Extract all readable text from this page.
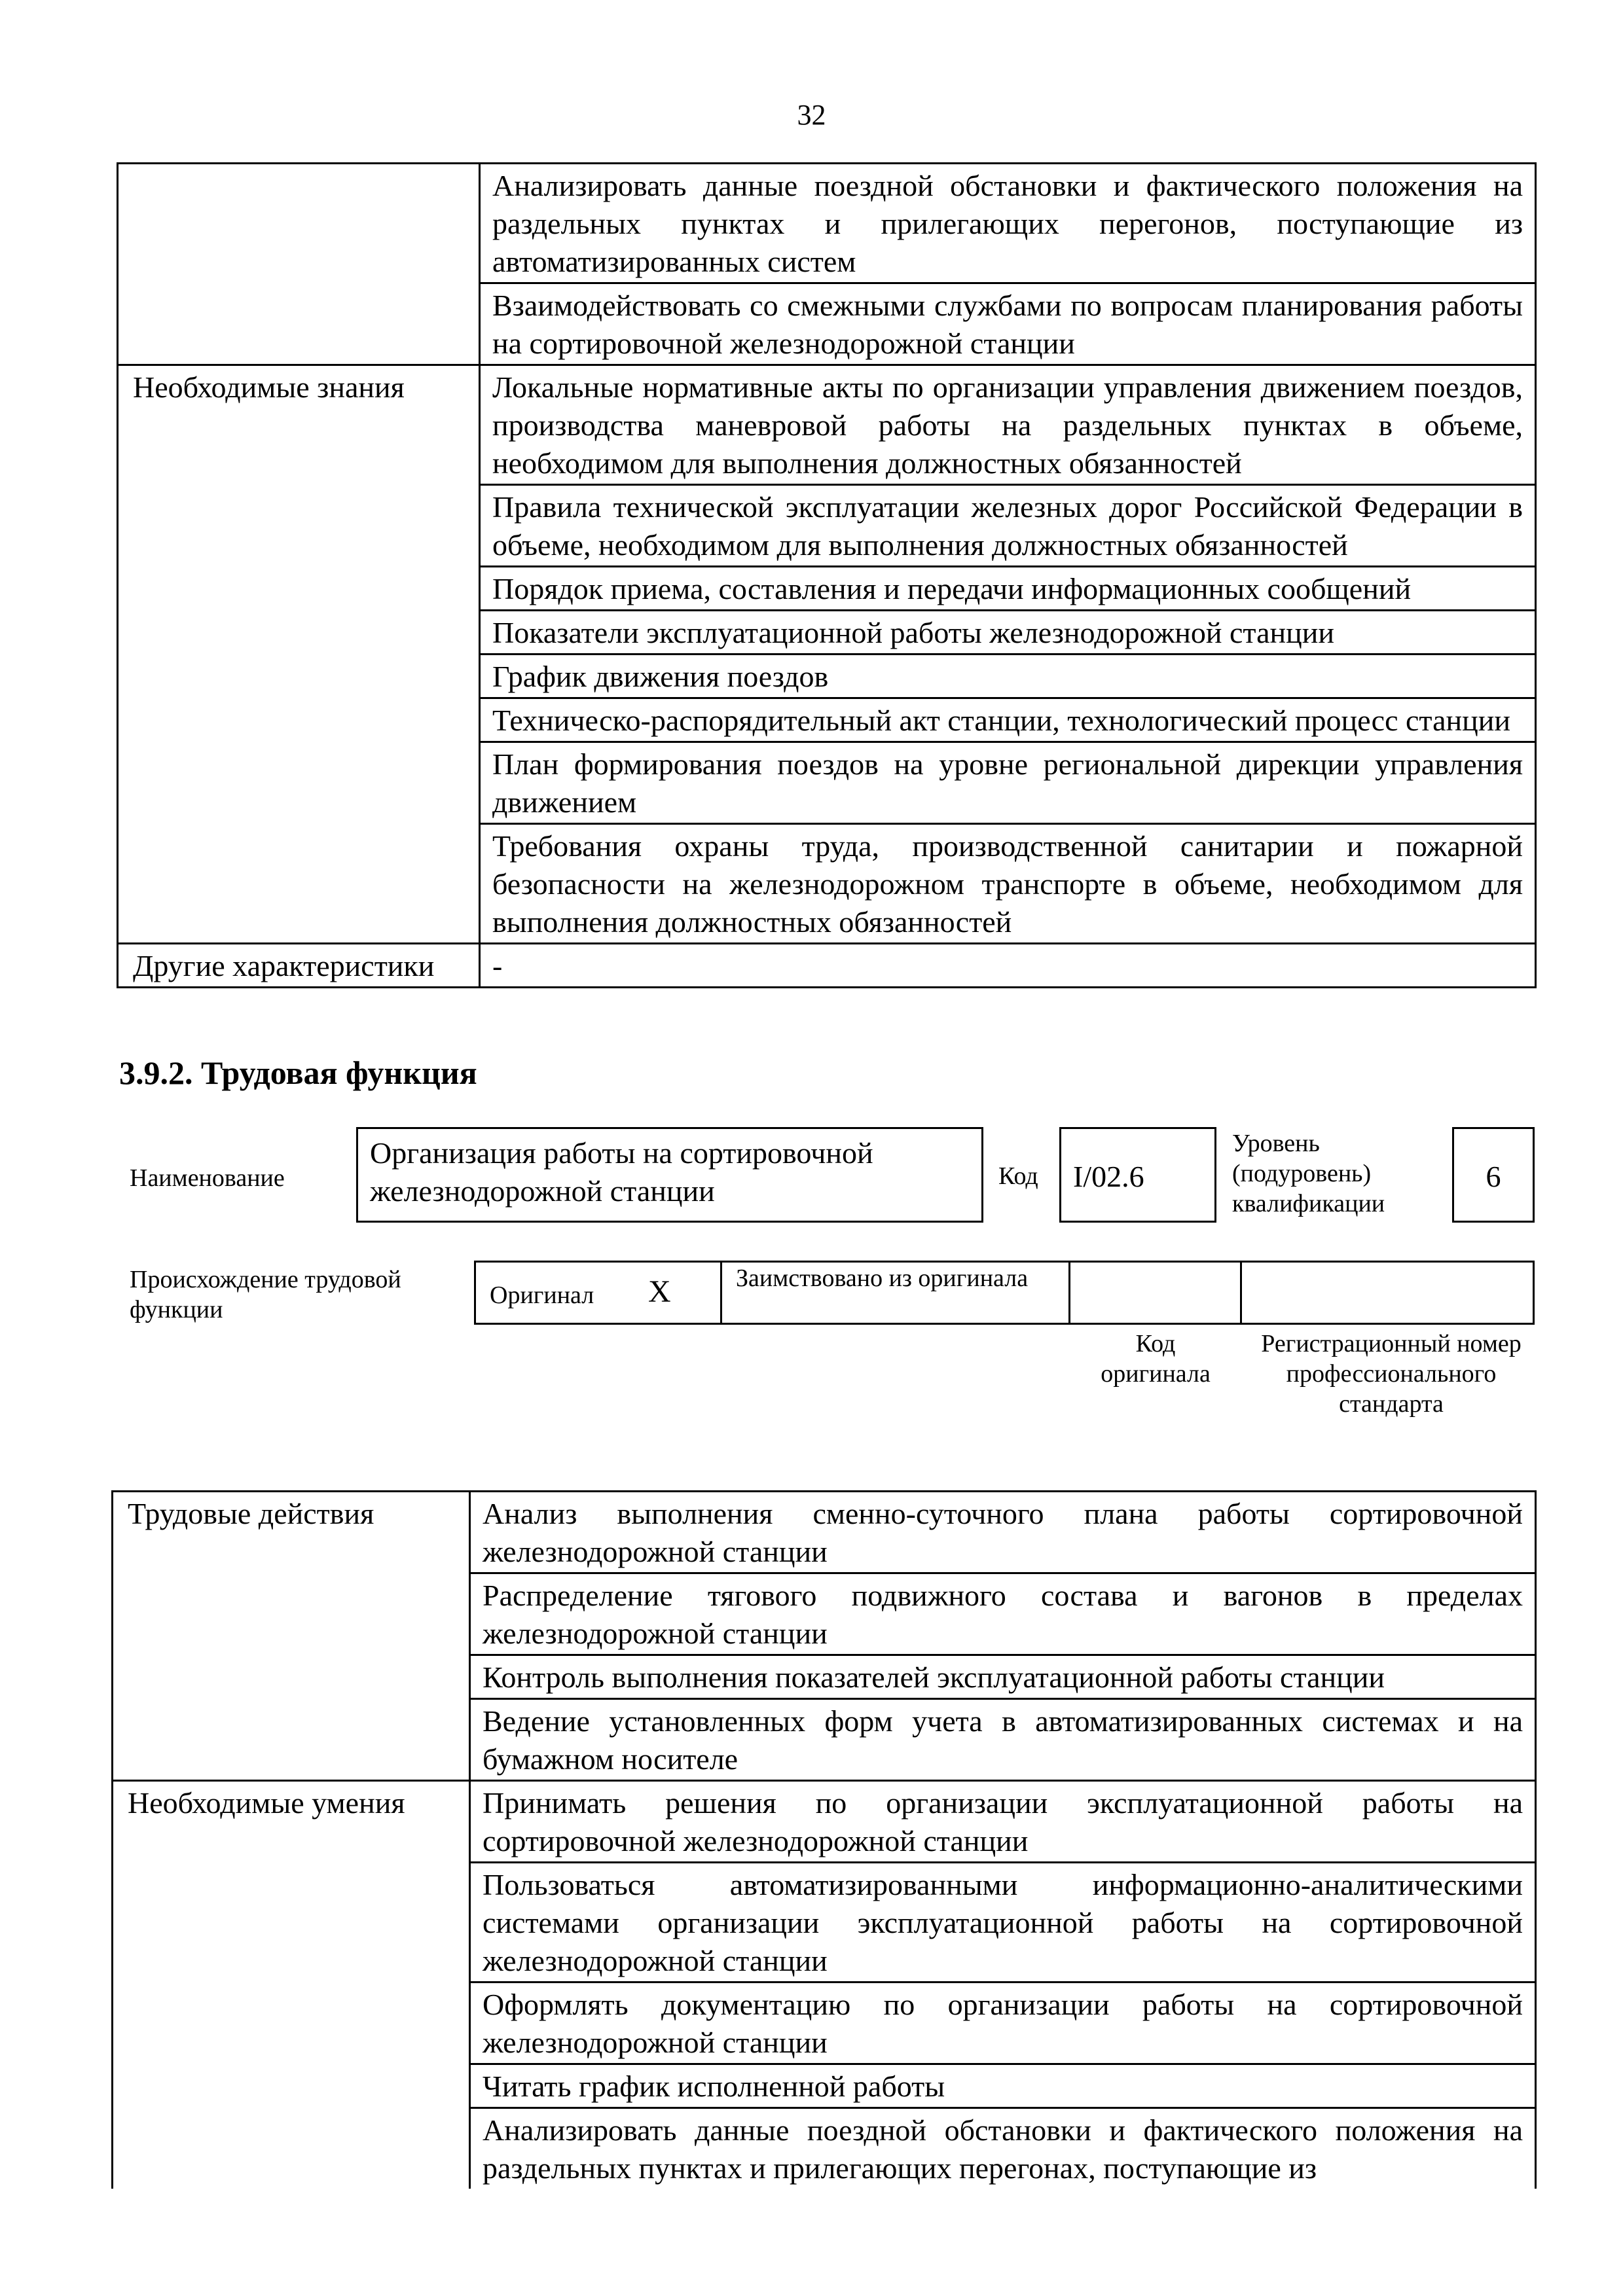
32
	Анализировать данные поездной обстановки и фактического положения на раздельных пунктах и прилегающих перегонов, поступающие из автоматизированных систем
	Взаимодействовать со смежными службами по вопросам планирования работы на сортировочной железнодорожной станции
Необходимые знания	Локальные нормативные акты по организации управления движением поездов, производства маневровой работы на раздельных пунктах в объеме, необходимом для выполнения должностных обязанностей
	Правила технической эксплуатации железных дорог Российской Федерации в объеме, необходимом для выполнения должностных обязанностей
	Порядок приема, составления и передачи информационных сообщений
	Показатели эксплуатационной работы железнодорожной станции
	График движения поездов
	Техническо-распорядительный акт станции, технологический процесс станции
	План формирования поездов на уровне региональной дирекции управления движением
	Требования охраны труда, производственной санитарии и пожарной безопасности на железнодорожном транспорте в объеме, необходимом для выполнения должностных обязанностей
Другие характеристики	-
3.9.2. Трудовая функция
Наименование
Организация работы на сортировочной железнодорожной станции	Код I/02.6
Уровень (подуровень) квалификации
6
Происхождение трудовой функции
Оригинал X	Заимствовано из оригинала
Код оригинала
Регистрационный номер профессионального стандарта
Трудовые действия	Анализ выполнения сменно-суточного плана работы сортировочной железнодорожной станции
	Распределение тягового подвижного состава и вагонов в пределах железнодорожной станции
	Контроль выполнения показателей эксплуатационной работы станции
	Ведение установленных форм учета в автоматизированных системах и на бумажном носителе
Необходимые умения	Принимать решения по организации эксплуатационной работы на сортировочной железнодорожной станции
	Пользоваться автоматизированными информационно-аналитическими системами организации эксплуатационной работы на сортировочной железнодорожной станции
	Оформлять документацию по организации работы на сортировочной железнодорожной станции
	Читать график исполненной работы
	Анализировать данные поездной обстановки и фактического положения на раздельных пунктах и прилегающих перегонах, поступающие из
